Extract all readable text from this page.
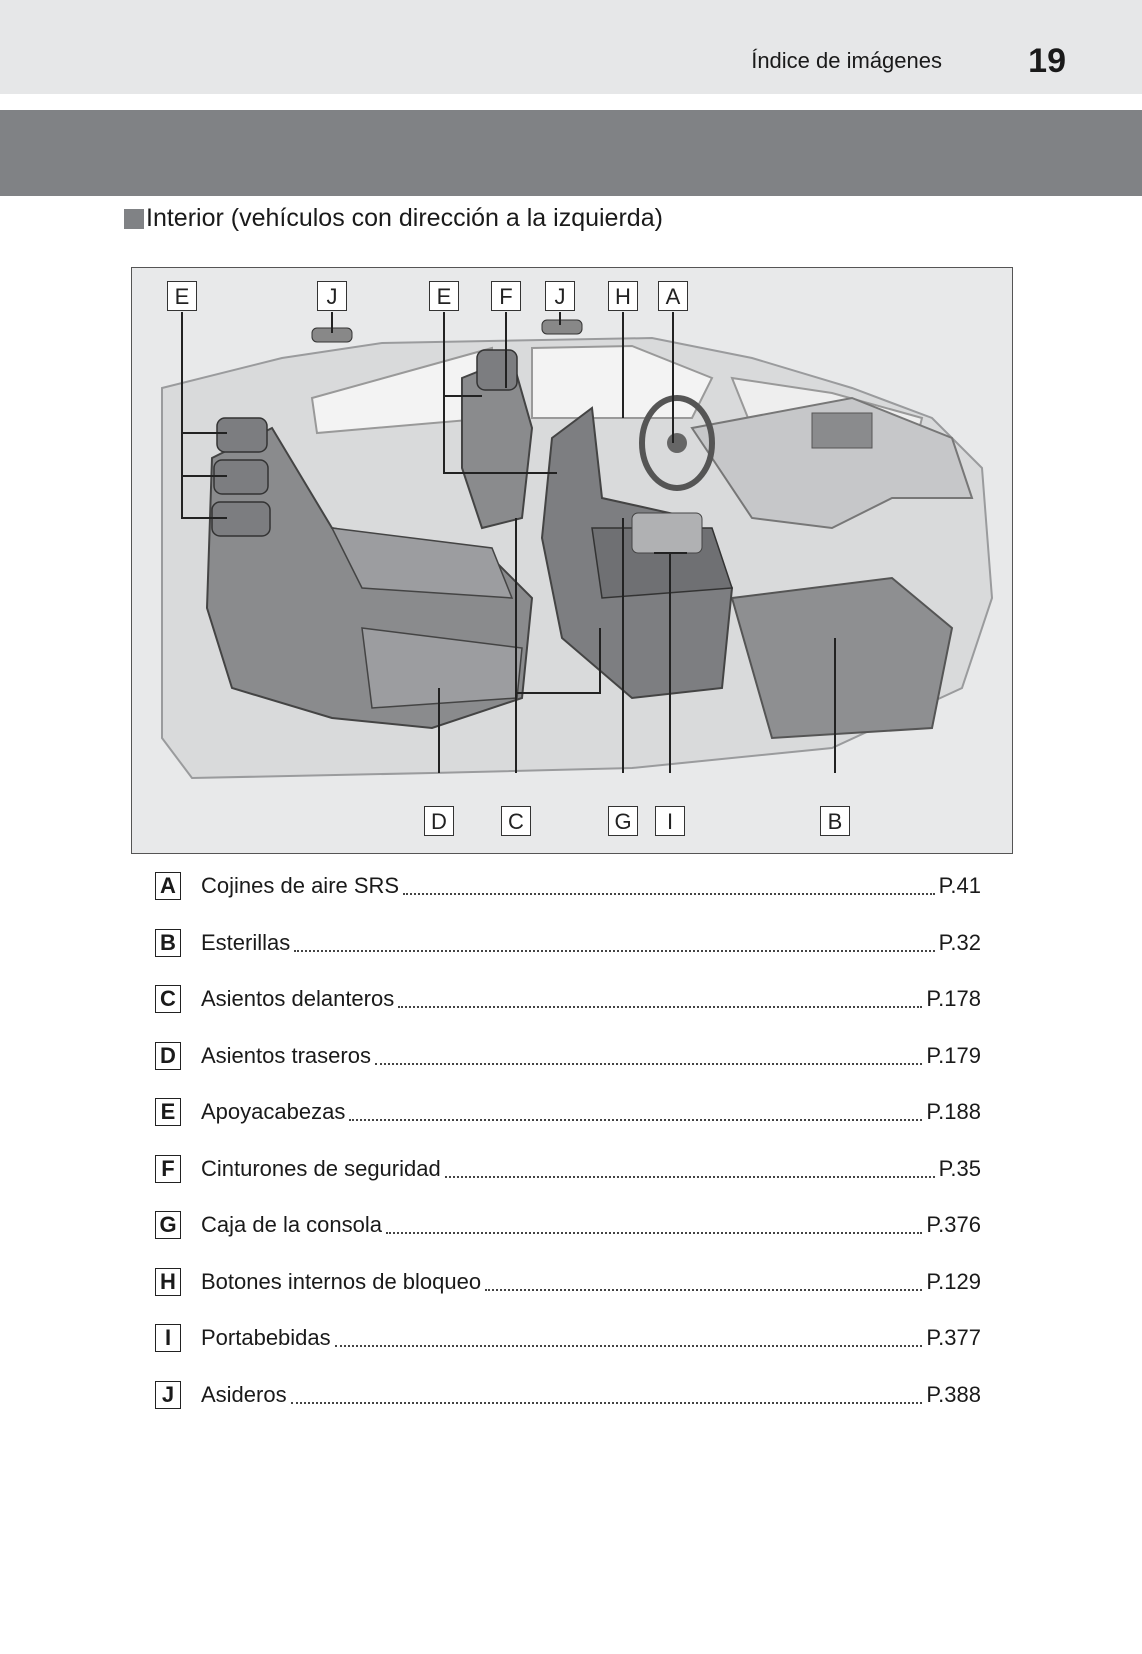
Índice de imágenes	19
Interior (vehículos con dirección a la izquierda)
E	J	E	F	J	H	A
D	C	G	I	B
A Cojines de aire SRS	P.41
B Esterillas	P.32
C Asientos delanteros	P.178
D Asientos traseros	P.179
E Apoyacabezas	P.188
F Cinturones de seguridad	P.35
G Caja de la consola	P.376
H Botones internos de bloqueo	P.129
I	Portabebidas	P.377
J	Asideros	P.388
